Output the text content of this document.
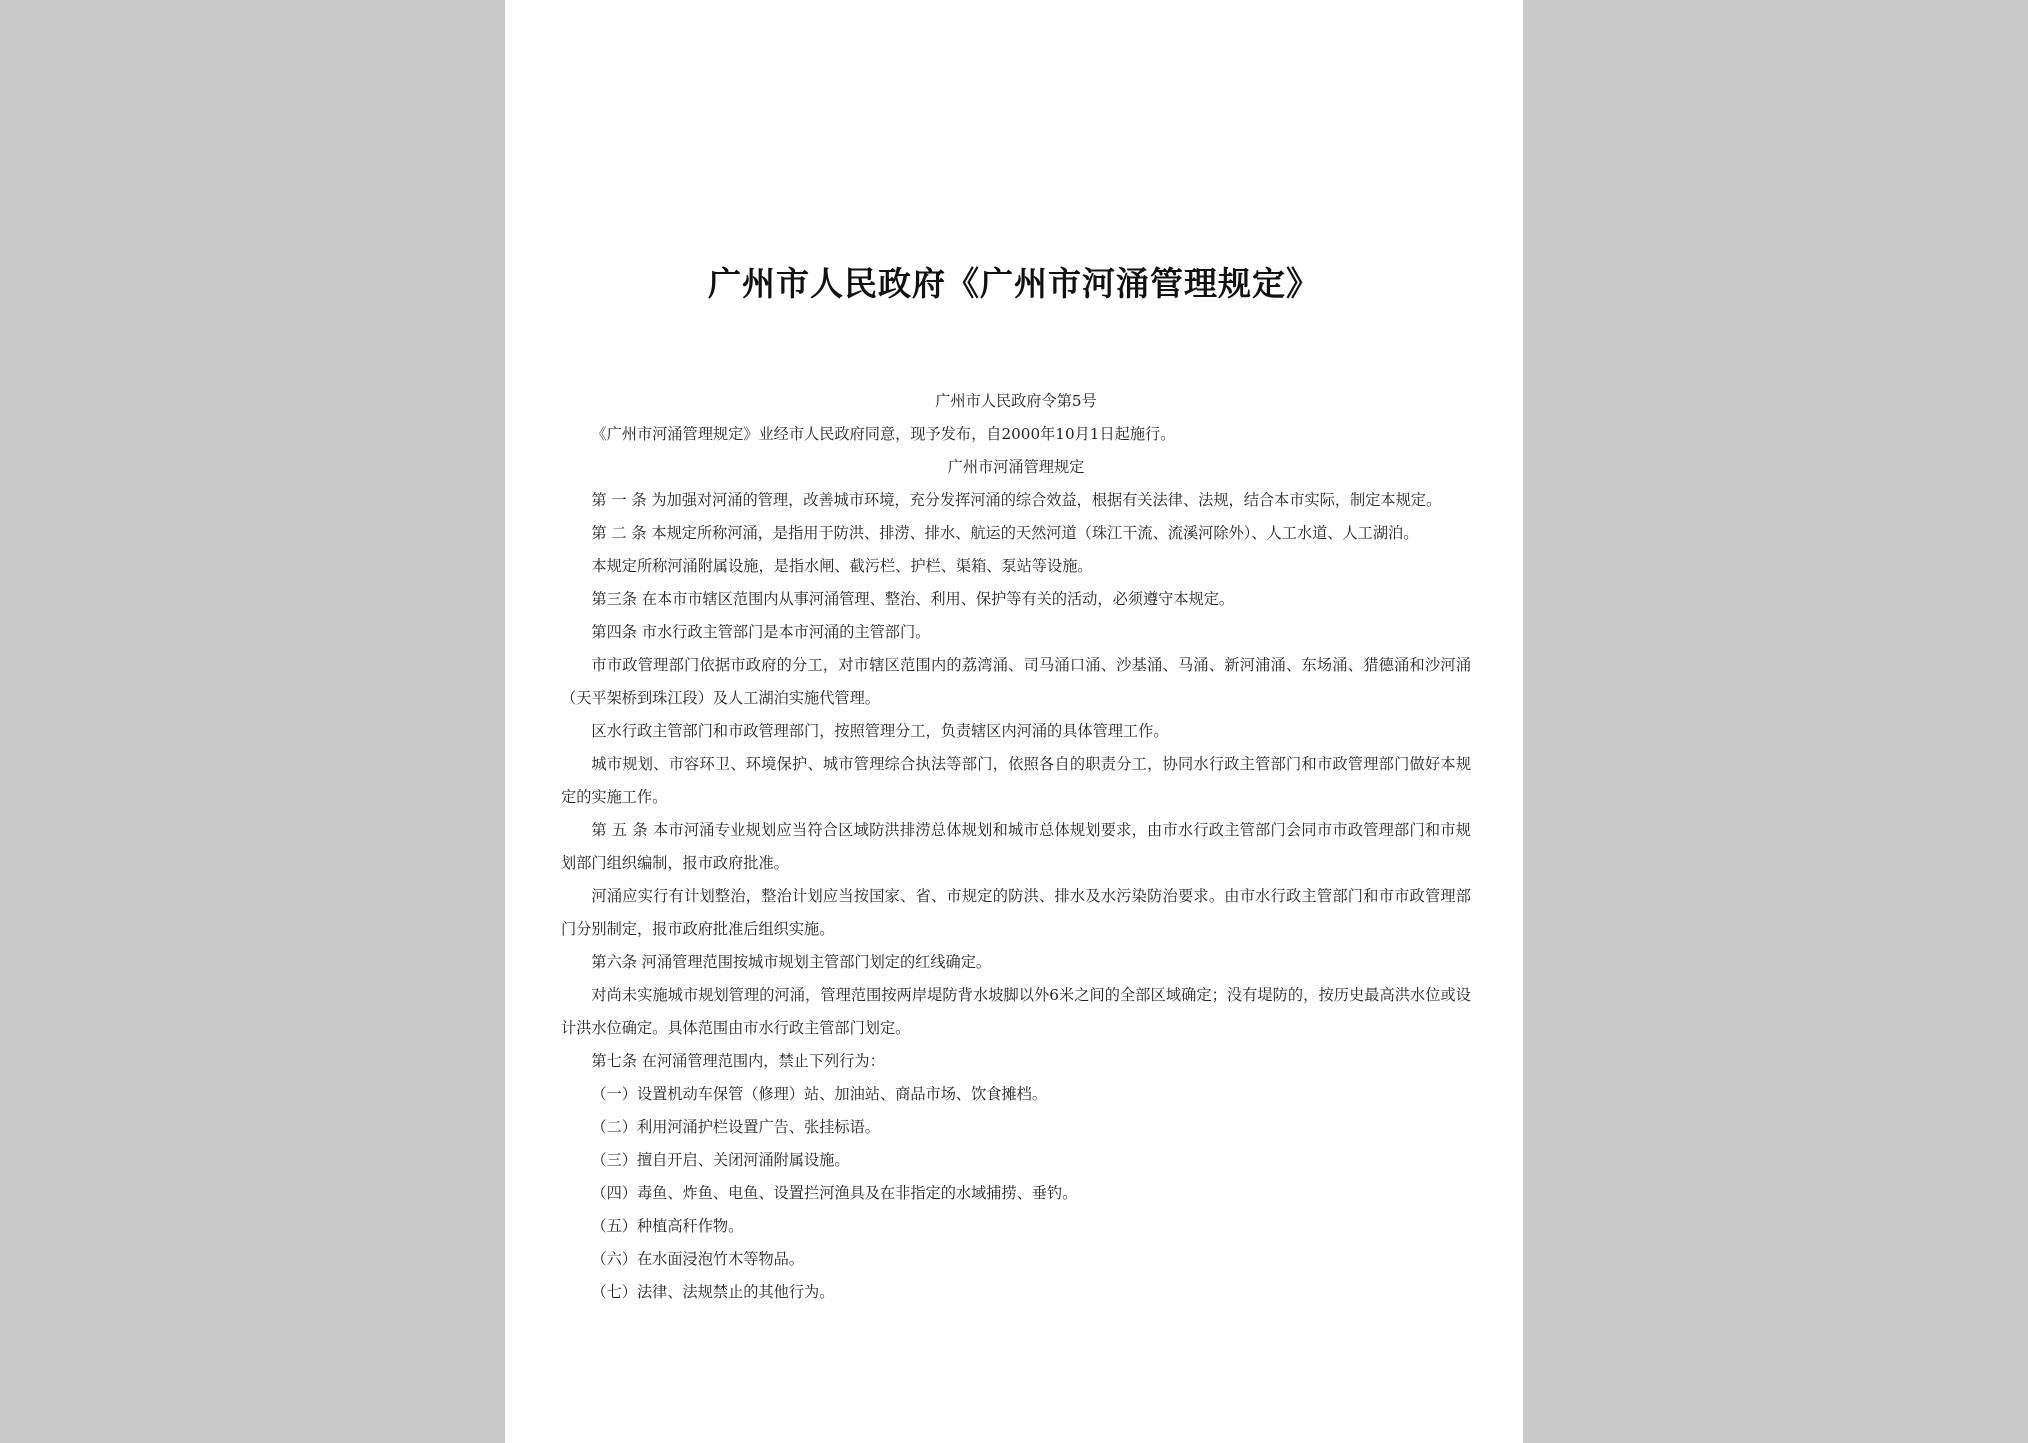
广州市人民政府《广州市河涌管理规定》

广州市人民政府令第5号

《广州市河涌管理规定》业经市人民政府同意，现予发布，自2000年10月1日起施行。

广州市河涌管理规定

第 一 条 为加强对河涌的管理，改善城市环境，充分发挥河涌的综合效益，根据有关法律、法规，结合本市实际，制定本规定。

第 二 条 本规定所称河涌，是指用于防洪、排涝、排水、航运的天然河道（珠江干流、流溪河除外）、人工水道、人工湖泊。

本规定所称河涌附属设施，是指水闸、截污栏、护栏、渠箱、泵站等设施。

第三条 在本市市辖区范围内从事河涌管理、整治、利用、保护等有关的活动，必须遵守本规定。

第四条 市水行政主管部门是本市河涌的主管部门。

市市政管理部门依据市政府的分工，对市辖区范围内的荔湾涌、司马涌口涌、沙基涌、马涌、新河浦涌、东场涌、猎德涌和沙河涌（天平架桥到珠江段）及人工湖泊实施代管理。

区水行政主管部门和市政管理部门，按照管理分工，负责辖区内河涌的具体管理工作。

城市规划、市容环卫、环境保护、城市管理综合执法等部门，依照各自的职责分工，协同水行政主管部门和市政管理部门做好本规定的实施工作。

第 五 条 本市河涌专业规划应当符合区域防洪排涝总体规划和城市总体规划要求，由市水行政主管部门会同市市政管理部门和市规划部门组织编制，报市政府批准。

河涌应实行有计划整治，整治计划应当按国家、省、市规定的防洪、排水及水污染防治要求。由市水行政主管部门和市市政管理部门分别制定，报市政府批准后组织实施。

第六条 河涌管理范围按城市规划主管部门划定的红线确定。

对尚未实施城市规划管理的河涌，管理范围按两岸堤防背水坡脚以外6米之间的全部区域确定；没有堤防的，按历史最高洪水位或设计洪水位确定。具体范围由市水行政主管部门划定。

第七条 在河涌管理范围内，禁止下列行为：

（一）设置机动车保管（修理）站、加油站、商品市场、饮食摊档。

（二）利用河涌护栏设置广告、张挂标语。

（三）擅自开启、关闭河涌附属设施。

（四）毒鱼、炸鱼、电鱼、设置拦河渔具及在非指定的水域捕捞、垂钓。

（五）种植高秆作物。

（六）在水面浸泡竹木等物品。

（七）法律、法规禁止的其他行为。
